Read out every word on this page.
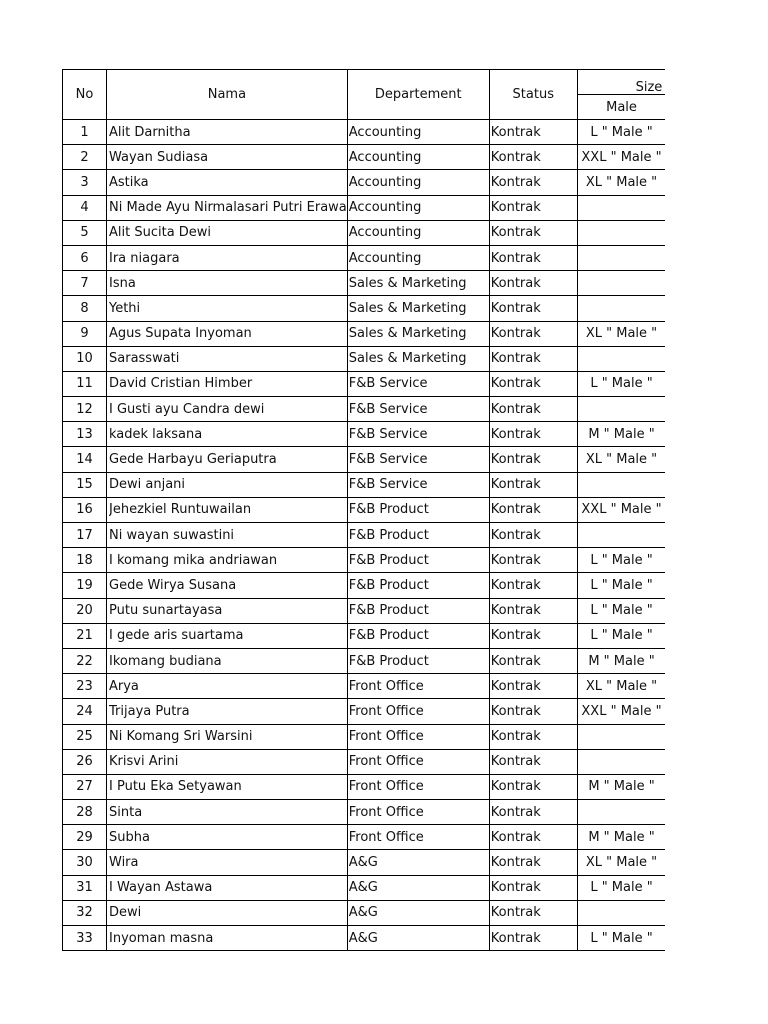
No	Nama	Departement	Status	Size
				Male

1	Alit Darnitha	Accounting	Kontrak	L " Male "

2	Wayan Sudiasa	Accounting	Kontrak	XXL " Male "

3	Astika	Accounting	Kontrak	XL " Male "

4	Ni Made Ayu Nirmalasari Putri Erawa	Accounting	Kontrak	

5	Alit Sucita Dewi	Accounting	Kontrak	

6	Ira niagara	Accounting	Kontrak	

7	Isna	Sales & Marketing	Kontrak	

8	Yethi	Sales & Marketing	Kontrak	

9	Agus Supata Inyoman	Sales & Marketing	Kontrak	XL " Male "

10	Sarasswati	Sales & Marketing	Kontrak	

11	David Cristian Himber	F&B Service	Kontrak	L " Male "

12	I Gusti ayu Candra dewi	F&B Service	Kontrak	

13	kadek laksana	F&B Service	Kontrak	M " Male "

14	Gede Harbayu Geriaputra	F&B Service	Kontrak	XL " Male "

15	Dewi anjani	F&B Service	Kontrak	

16	Jehezkiel Runtuwailan	F&B Product	Kontrak	XXL " Male "

17	Ni wayan suwastini	F&B Product	Kontrak	

18	I komang mika andriawan	F&B Product	Kontrak	L " Male "

19	Gede Wirya Susana	F&B Product	Kontrak	L " Male "

20	Putu sunartayasa	F&B Product	Kontrak	L " Male "

21	I gede aris suartama	F&B Product	Kontrak	L " Male "

22	Ikomang budiana	F&B Product	Kontrak	M " Male "

23	Arya	Front Office	Kontrak	XL " Male "

24	Trijaya Putra	Front Office	Kontrak	XXL " Male "

25	Ni Komang Sri Warsini	Front Office	Kontrak	

26	Krisvi Arini	Front Office	Kontrak	

27	I Putu Eka Setyawan	Front Office	Kontrak	M " Male "

28	Sinta	Front Office	Kontrak	

29	Subha	Front Office	Kontrak	M " Male "

30	Wira	A&G	Kontrak	XL " Male "

31	I Wayan Astawa	A&G	Kontrak	L " Male "

32	Dewi	A&G	Kontrak	

33	Inyoman masna	A&G	Kontrak	L " Male "
